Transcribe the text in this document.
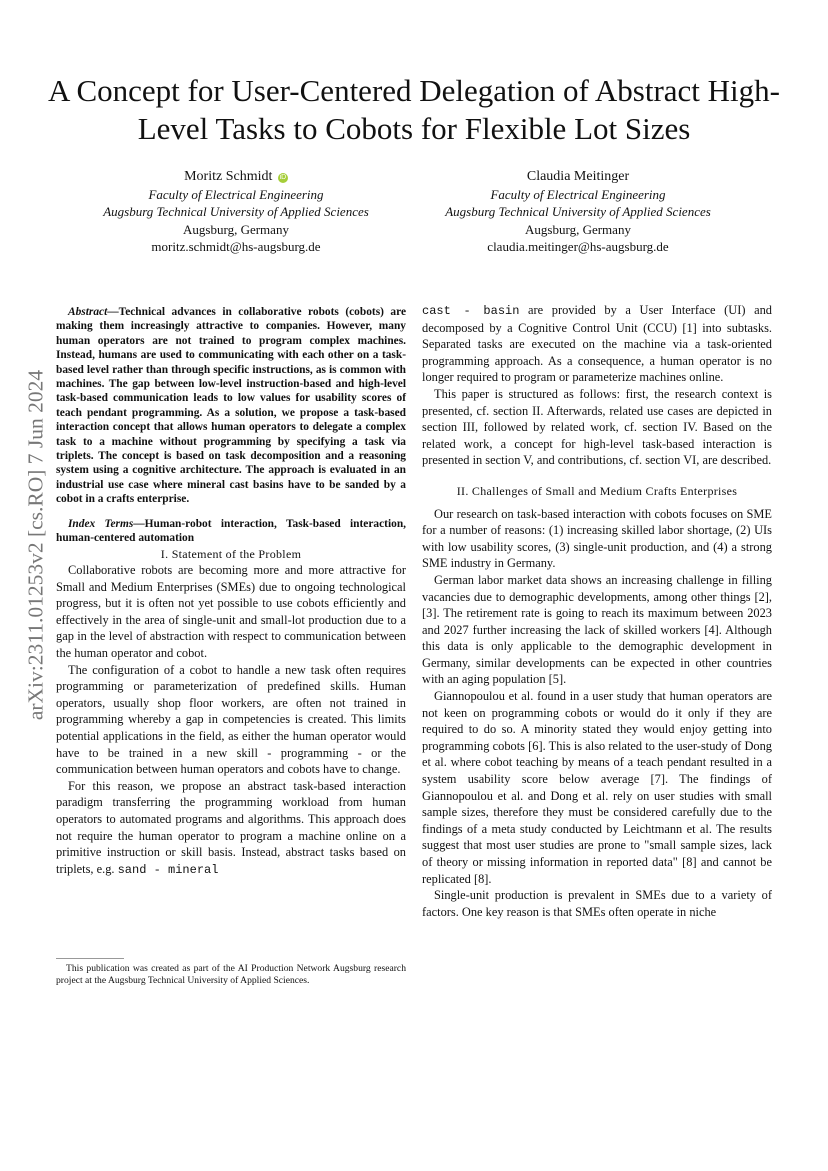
arXiv:2311.01253v2 [cs.RO] 7 Jun 2024
A Concept for User-Centered Delegation of Abstract High-Level Tasks to Cobots for Flexible Lot Sizes
Moritz Schmidt iD
Faculty of Electrical Engineering
Augsburg Technical University of Applied Sciences
Augsburg, Germany
moritz.schmidt@hs-augsburg.de
Claudia Meitinger
Faculty of Electrical Engineering
Augsburg Technical University of Applied Sciences
Augsburg, Germany
claudia.meitinger@hs-augsburg.de

Abstract—Technical advances in collaborative robots (cobots) are making them increasingly attractive to companies. However, many human operators are not trained to program complex machines. Instead, humans are used to communicating with each other on a task-based level rather than through specific instructions, as is common with machines. The gap between low-level instruction-based and high-level task-based communication leads to low values for usability scores of teach pendant programming. As a solution, we propose a task-based interaction concept that allows human operators to delegate a complex task to a machine without programming by specifying a task via triplets. The concept is based on task decomposition and a reasoning system using a cognitive architecture. The approach is evaluated in an industrial use case where mineral cast basins have to be sanded by a cobot in a crafts enterprise.

Index Terms—Human-robot interaction, Task-based interaction, human-centered automation

I. Statement of the Problem

Collaborative robots are becoming more and more attractive for Small and Medium Enterprises (SMEs) due to ongoing technological progress, but it is often not yet possible to use cobots efficiently and effectively in the area of single-unit and small-lot production due to a gap in the level of abstraction with respect to communication between the human operator and cobot.

The configuration of a cobot to handle a new task often requires programming or parameterization of predefined skills. Human operators, usually shop floor workers, are often not trained in programming whereby a gap in competencies is created. This limits potential applications in the field, as either the human operator would have to be trained in a new skill - programming - or the communication between human operators and cobots have to change.

For this reason, we propose an abstract task-based interaction paradigm transferring the programming workload from human operators to automated programs and algorithms. This approach does not require the human operator to program a machine online on a primitive instruction or skill basis. Instead, abstract tasks based on triplets, e.g. sand - mineral

This publication was created as part of the AI Production Network Augsburg research project at the Augsburg Technical University of Applied Sciences.

cast - basin are provided by a User Interface (UI) and decomposed by a Cognitive Control Unit (CCU) [1] into subtasks. Separated tasks are executed on the machine via a task-oriented programming approach. As a consequence, a human operator is no longer required to program or parameterize machines online.

This paper is structured as follows: first, the research context is presented, cf. section II. Afterwards, related use cases are depicted in section III, followed by related work, cf. section IV. Based on the related work, a concept for high-level task-based interaction is presented in section V, and contributions, cf. section VI, are described.

II. Challenges of Small and Medium Crafts Enterprises

Our research on task-based interaction with cobots focuses on SME for a number of reasons: (1) increasing skilled labor shortage, (2) UIs with low usability scores, (3) single-unit production, and (4) a strong SME industry in Germany.

German labor market data shows an increasing challenge in filling vacancies due to demographic developments, among other things [2], [3]. The retirement rate is going to reach its maximum between 2023 and 2027 further increasing the lack of skilled workers [4]. Although this data is only applicable to the demographic development in Germany, similar developments can be expected in other countries with an aging population [5].

Giannopoulou et al. found in a user study that human operators are not keen on programming cobots or would do it only if they are required to do so. A minority stated they would enjoy getting into programming cobots [6]. This is also related to the user-study of Dong et al. where cobot teaching by means of a teach pendant resulted in a system usability score below average [7]. The findings of Giannopoulou et al. and Dong et al. rely on user studies with small sample sizes, therefore they must be considered carefully due to the findings of a meta study conducted by Leichtmann et al. The results suggest that most user studies are prone to "small sample sizes, lack of theory or missing information in reported data" [8] and cannot be replicated [8].

Single-unit production is prevalent in SMEs due to a variety of factors. One key reason is that SMEs often operate in niche
